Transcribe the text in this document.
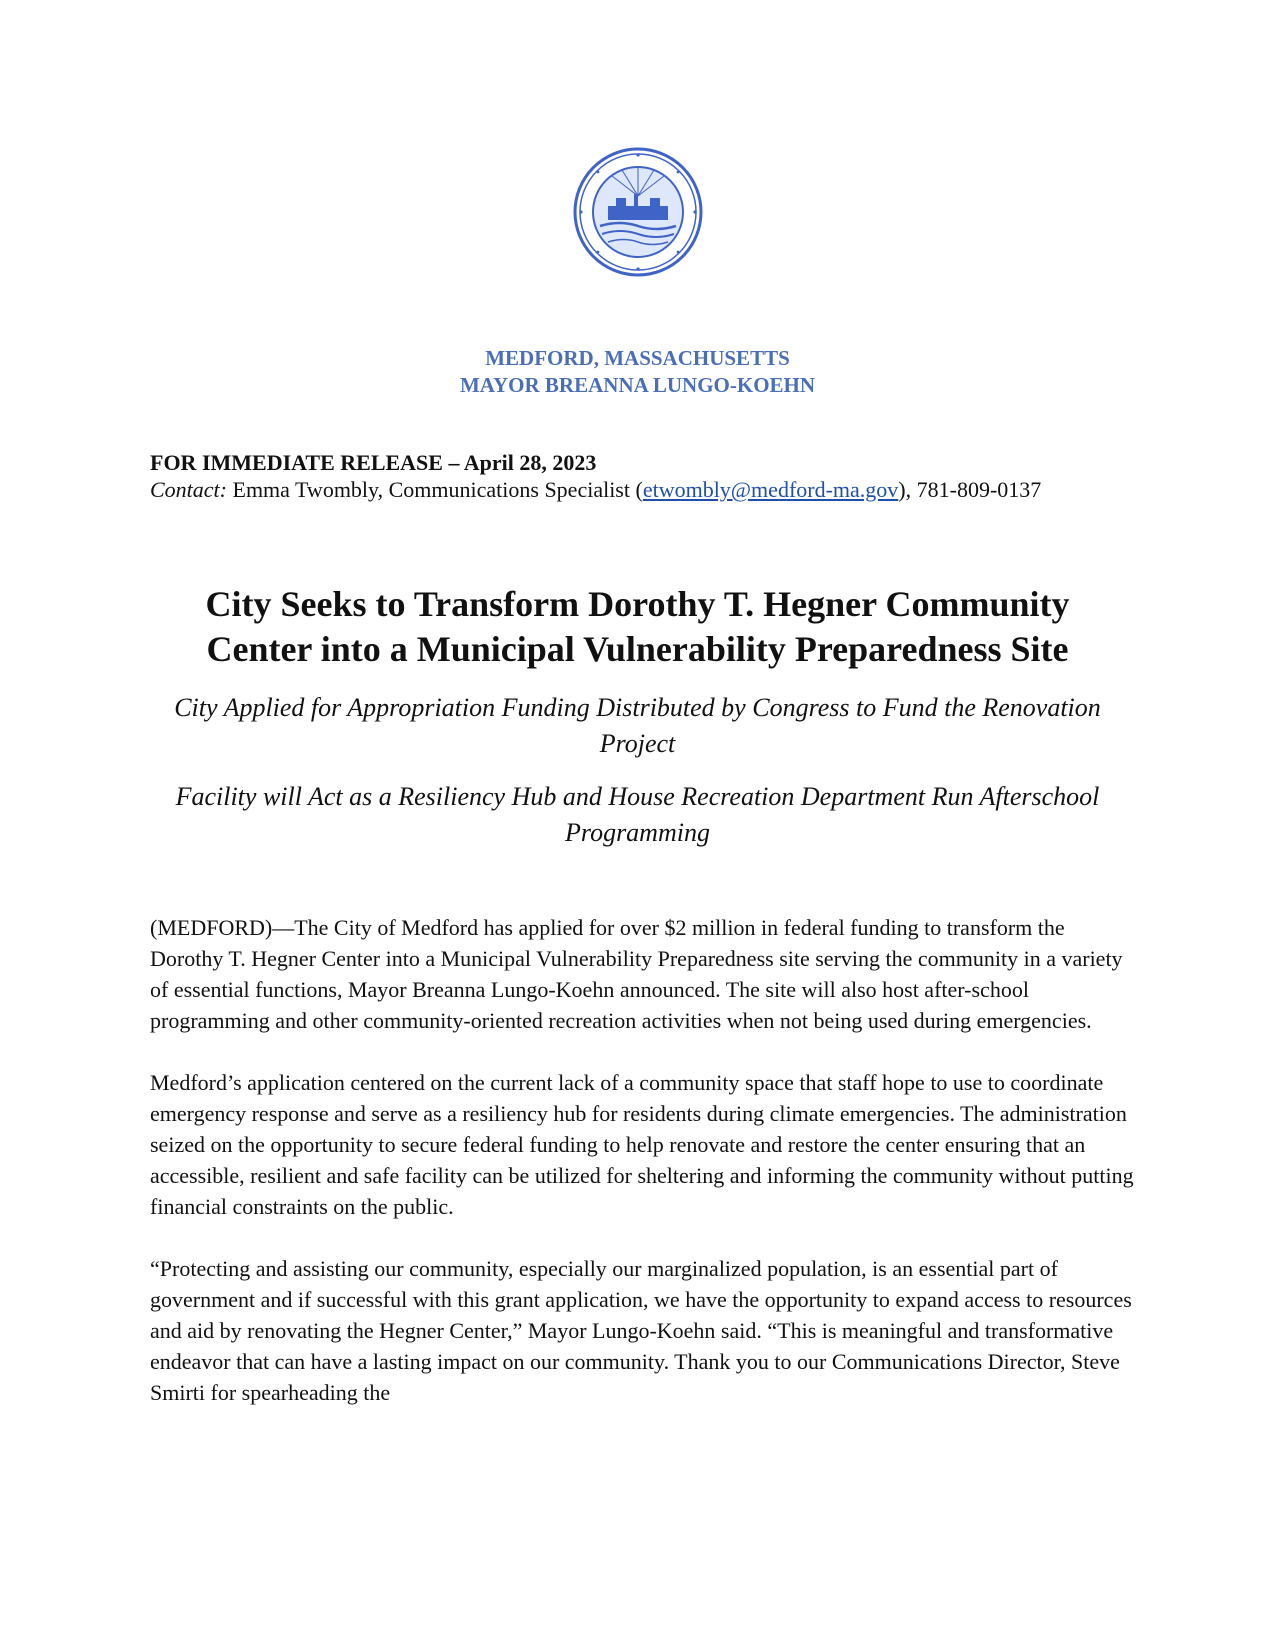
MEDFORD, MASSACHUSETTS
MAYOR BREANNA LUNGO-KOEHN
FOR IMMEDIATE RELEASE – April 28, 2023
Contact: Emma Twombly, Communications Specialist (etwombly@medford-ma.gov), 781-809-0137
City Seeks to Transform Dorothy T. Hegner Community
Center into a Municipal Vulnerability Preparedness Site
City Applied for Appropriation Funding Distributed by Congress to Fund the Renovation Project
Facility will Act as a Resiliency Hub and House Recreation Department Run Afterschool Programming

(MEDFORD)—The City of Medford has applied for over $2 million in federal funding to transform the Dorothy T. Hegner Center into a Municipal Vulnerability Preparedness site serving the community in a variety of essential functions, Mayor Breanna Lungo-Koehn announced. The site will also host after-school programming and other community-oriented recreation activities when not being used during emergencies.

Medford’s application centered on the current lack of a community space that staff hope to use to coordinate emergency response and serve as a resiliency hub for residents during climate emergencies. The administration seized on the opportunity to secure federal funding to help renovate and restore the center ensuring that an accessible, resilient and safe facility can be utilized for sheltering and informing the community without putting financial constraints on the public.

“Protecting and assisting our community, especially our marginalized population, is an essential part of government and if successful with this grant application, we have the opportunity to expand access to resources and aid by renovating the Hegner Center,” Mayor Lungo-Koehn said. “This is meaningful and transformative endeavor that can have a lasting impact on our community. Thank you to our Communications Director, Steve Smirti for spearheading the
